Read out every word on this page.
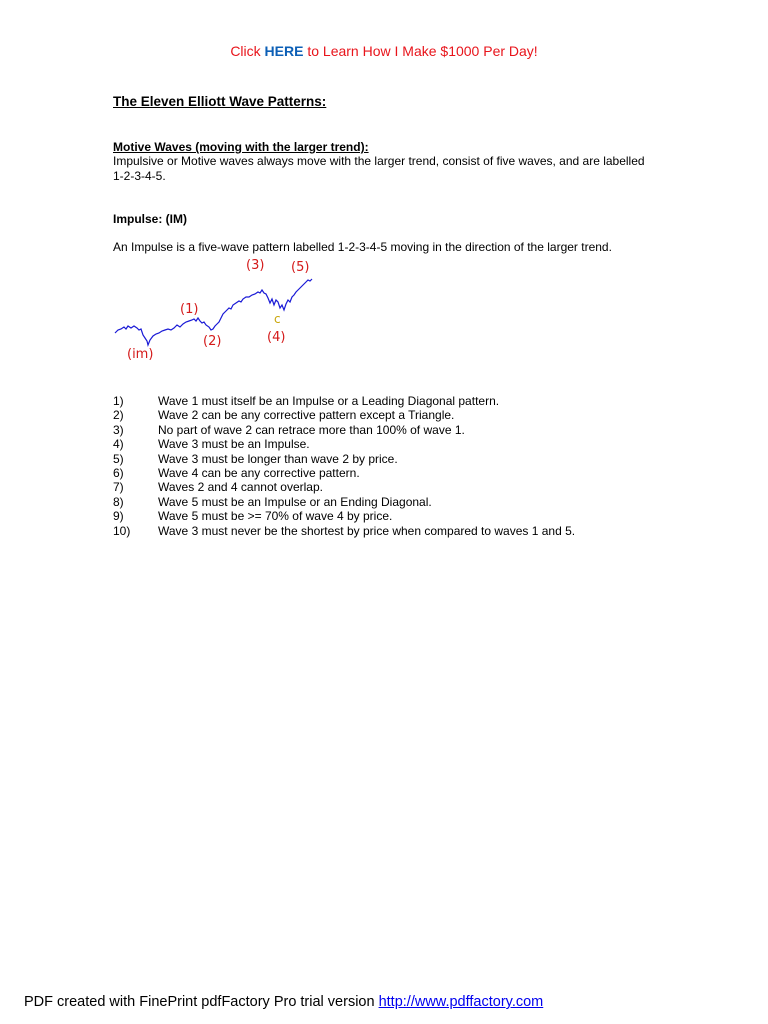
Click HERE to Learn How I Make $1000 Per Day!
The Eleven Elliott Wave Patterns:
Motive Waves (moving with the larger trend):
Impulsive or Motive waves always move with the larger trend, consist of five waves, and are labelled 1-2-3-4-5.
Impulse: (IM)
An Impulse is a five-wave pattern labelled 1-2-3-4-5 moving in the direction of the larger trend.
(im)
(1)
(2)
(3)
(4)
(5)
c
1)	Wave 1 must itself be an Impulse or a Leading Diagonal pattern.
2)	Wave 2 can be any corrective pattern except a Triangle.
3)	No part of wave 2 can retrace more than 100% of wave 1.
4)	Wave 3 must be an Impulse.
5)	Wave 3 must be longer than wave 2 by price.
6)	Wave 4 can be any corrective pattern.
7)	Waves 2 and 4 cannot overlap.
8)	Wave 5 must be an Impulse or an Ending Diagonal.
9)	Wave 5 must be >= 70% of wave 4 by price.
10)	Wave 3 must never be the shortest by price when compared to waves 1 and 5.
PDF created with FinePrint pdfFactory Pro trial version http://www.pdffactory.com
